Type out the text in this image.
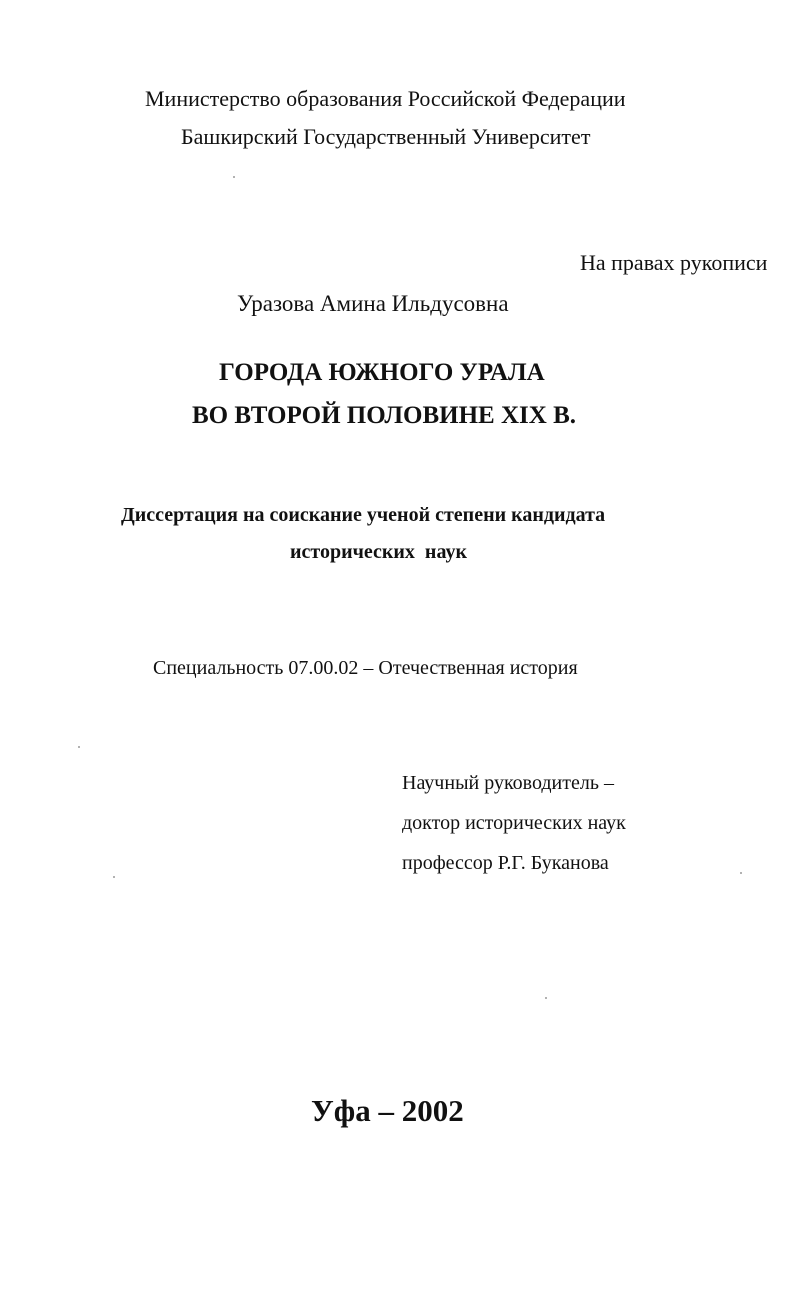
Министерство образования Российской Федерации
Башкирский Государственный Университет
На правах рукописи
Уразова Амина Ильдусовна
ГОРОДА ЮЖНОГО УРАЛА
ВО ВТОРОЙ ПОЛОВИНЕ XIX В.
Диссертация на соискание ученой степени кандидата
исторических  наук
Специальность 07.00.02 – Отечественная история
Научный руководитель –
доктор исторических наук
профессор Р.Г. Буканова
Уфа – 2002
